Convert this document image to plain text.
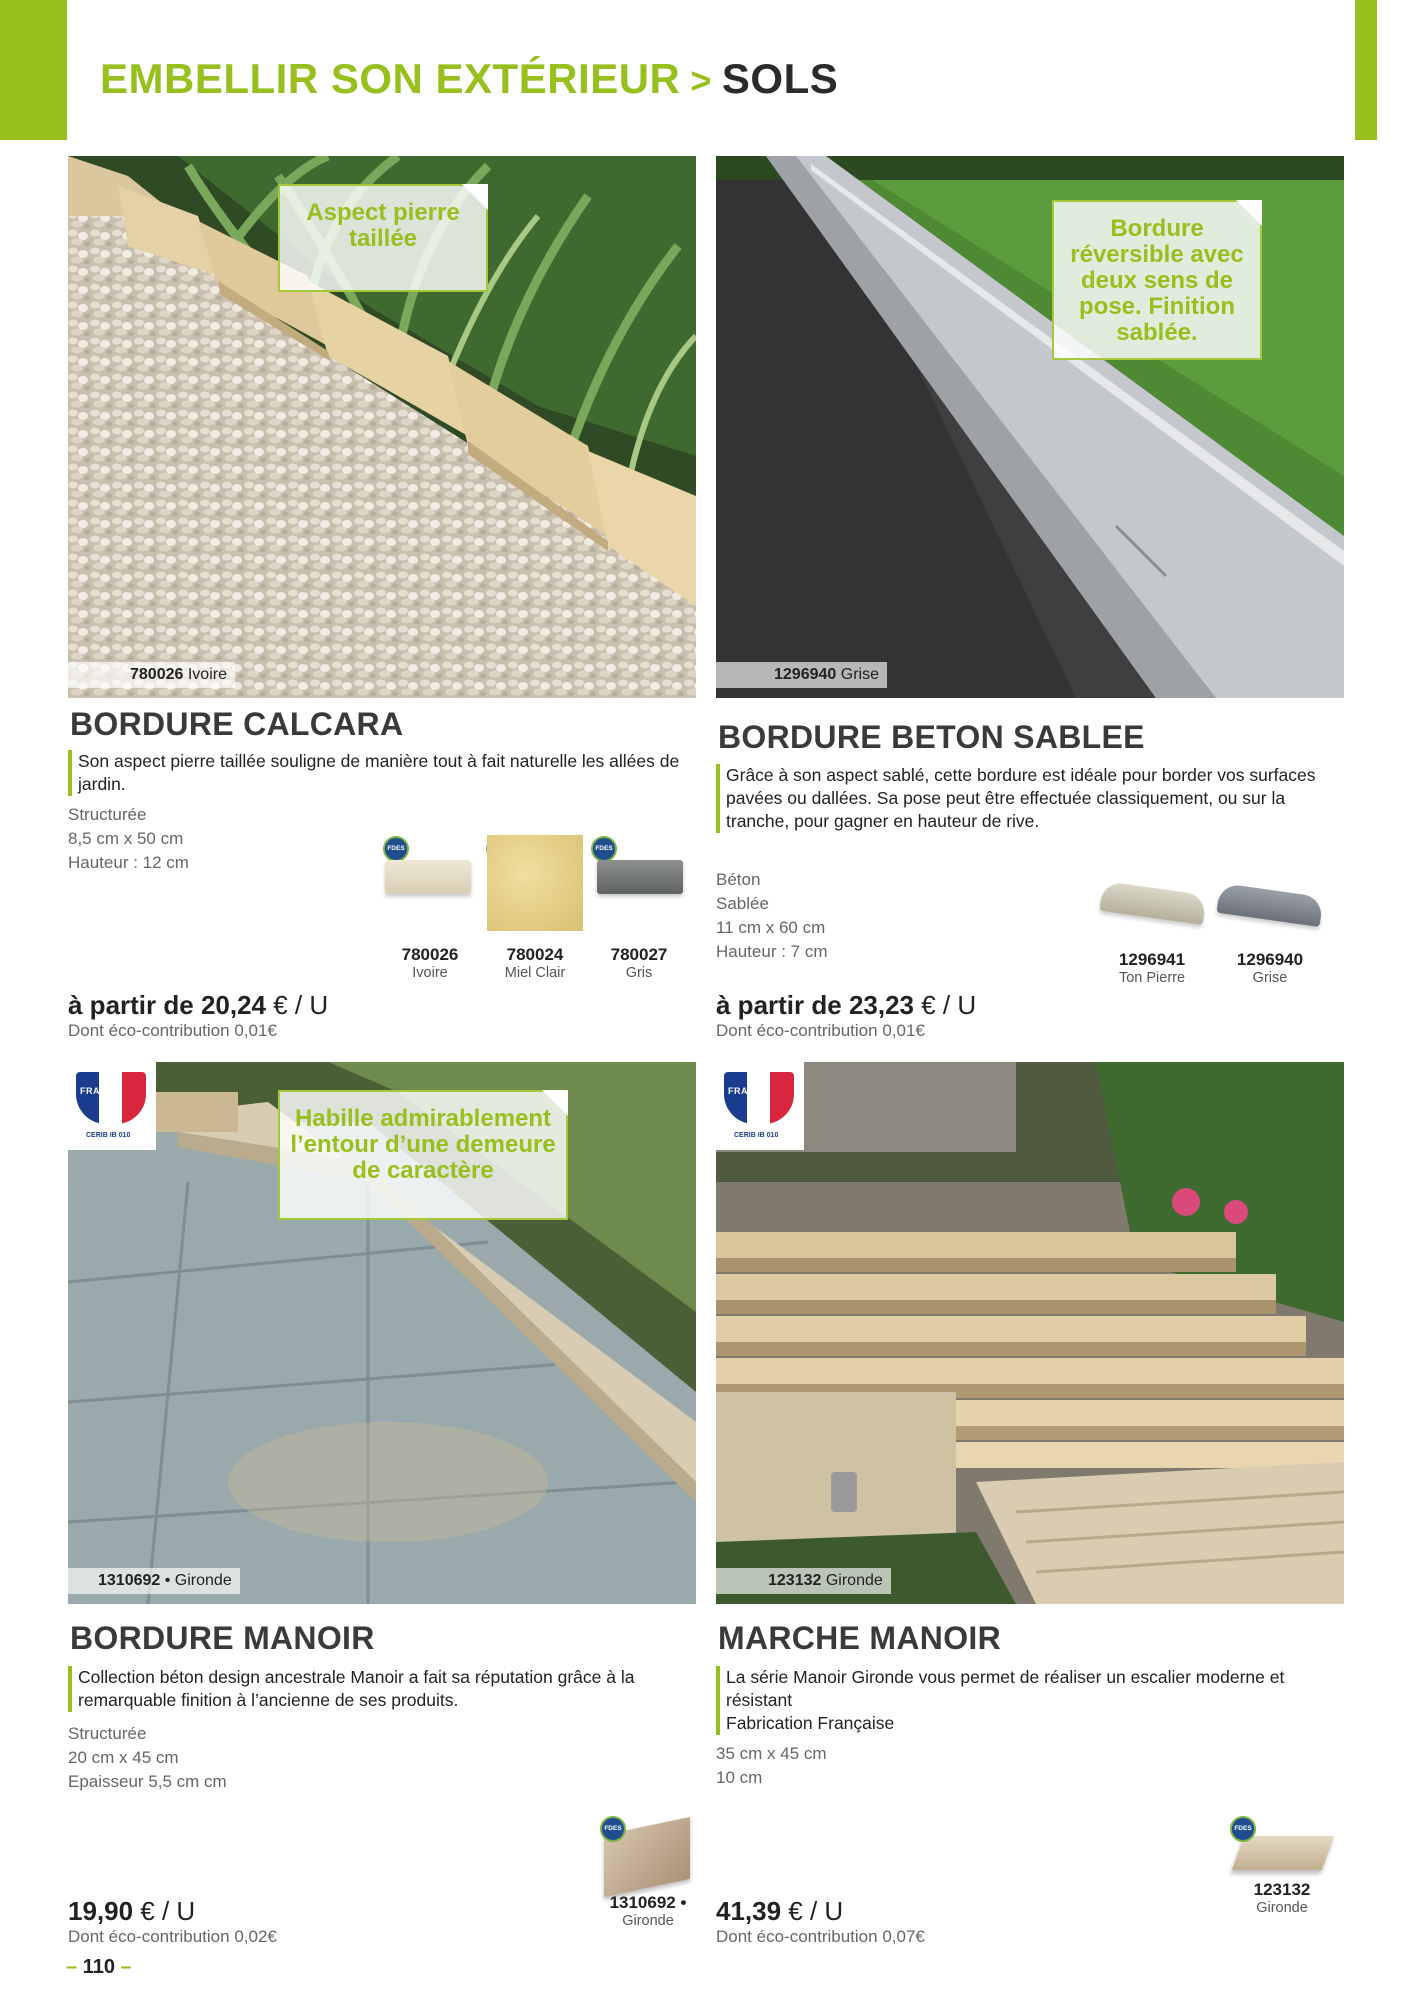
EMBELLIR SON EXTÉRIEUR > SOLS
Aspect pierre taillée
780026 Ivoire
BORDURE CALCARA
Son aspect pierre taillée souligne de manière tout à fait naturelle les allées de jardin.
Structurée
8,5 cm x 50 cm
Hauteur : 12 cm
FDES	FDES
780026
Ivoire
780024
Miel Clair
780027
Gris
à partir de 20,24 € / U
Dont éco-contribution 0,01€
Bordure réversible avec deux sens de pose. Finition sablée.
1296940 Grise
BORDURE BETON SABLEE
Grâce à son aspect sablé, cette bordure est idéale pour border vos surfaces pavées ou dallées. Sa pose peut être effectuée classiquement, ou sur la tranche, pour gagner en hauteur de rive.
Béton
Sablée
11 cm x 60 cm
Hauteur : 7 cm	1296941
Ton Pierre
1296940
Grise
à partir de 23,23 € / U
Dont éco-contribution 0,01€
FRANCE
CERIB IB 010
Habille admirablement l’entour d’une demeure de caractère
1310692 • Gironde
BORDURE MANOIR
Collection béton design ancestrale Manoir a fait sa réputation grâce à la remarquable finition à l’ancienne de ses produits.
Structurée
20 cm x 45 cm
Epaisseur 5,5 cm cm
FDES
1310692 •
Gironde
19,90 € / U
Dont éco-contribution 0,02€
FRANCE
CERIB IB 010
123132 Gironde
MARCHE MANOIR
La série Manoir Gironde vous permet de réaliser un escalier moderne et résistant
Fabrication Française
35 cm x 45 cm
10 cm
FDES
123132
Gironde
41,39 € / U
Dont éco-contribution 0,07€
– 110 –
